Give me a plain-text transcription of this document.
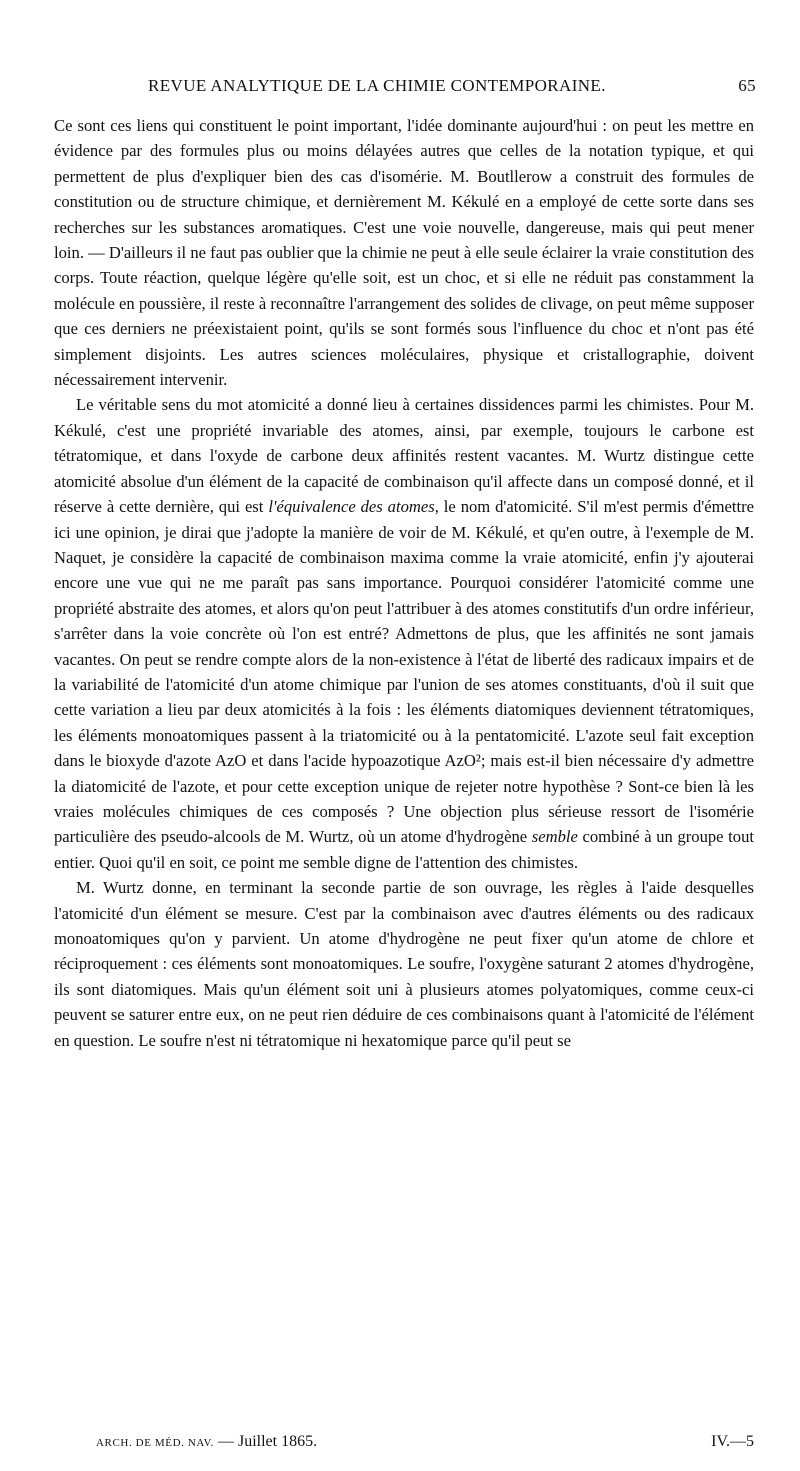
REVUE ANALYTIQUE DE LA CHIMIE CONTEMPORAINE.	65

Ce sont ces liens qui constituent le point important, l'idée dominante aujourd'hui : on peut les mettre en évidence par des formules plus ou moins délayées autres que celles de la notation typique, et qui permettent de plus d'expliquer bien des cas d'isomérie. M. Boutllerow a construit des formules de constitution ou de structure chimique, et dernièrement M. Kékulé en a employé de cette sorte dans ses recherches sur les substances aromatiques. C'est une voie nouvelle, dangereuse, mais qui peut mener loin. — D'ailleurs il ne faut pas oublier que la chimie ne peut à elle seule éclairer la vraie constitution des corps. Toute réaction, quelque légère qu'elle soit, est un choc, et si elle ne réduit pas constamment la molécule en poussière, il reste à reconnaître l'arrangement des solides de clivage, on peut même supposer que ces derniers ne préexistaient point, qu'ils se sont formés sous l'influence du choc et n'ont pas été simplement disjoints. Les autres sciences moléculaires, physique et cristallographie, doivent nécessairement intervenir.

Le véritable sens du mot atomicité a donné lieu à certaines dissidences parmi les chimistes. Pour M. Kékulé, c'est une propriété invariable des atomes, ainsi, par exemple, toujours le carbone est tétratomique, et dans l'oxyde de carbone deux affinités restent vacantes. M. Wurtz distingue cette atomicité absolue d'un élément de la capacité de combinaison qu'il affecte dans un composé donné, et il réserve à cette dernière, qui est l'équivalence des atomes, le nom d'atomicité. S'il m'est permis d'émettre ici une opinion, je dirai que j'adopte la manière de voir de M. Kékulé, et qu'en outre, à l'exemple de M. Naquet, je considère la capacité de combinaison maxima comme la vraie atomicité, enfin j'y ajouterai encore une vue qui ne me paraît pas sans importance. Pourquoi considérer l'atomicité comme une propriété abstraite des atomes, et alors qu'on peut l'attribuer à des atomes constitutifs d'un ordre inférieur, s'arrêter dans la voie concrète où l'on est entré? Admettons de plus, que les affinités ne sont jamais vacantes. On peut se rendre compte alors de la non-existence à l'état de liberté des radicaux impairs et de la variabilité de l'atomicité d'un atome chimique par l'union de ses atomes constituants, d'où il suit que cette variation a lieu par deux atomicités à la fois : les éléments diatomiques deviennent tétratomiques, les éléments monoatomiques passent à la triatomicité ou à la pentatomicité. L'azote seul fait exception dans le bioxyde d'azote AzO et dans l'acide hypoazotique AzO²; mais est-il bien nécessaire d'y admettre la diatomicité de l'azote, et pour cette exception unique de rejeter notre hypothèse ? Sont-ce bien là les vraies molécules chimiques de ces composés ? Une objection plus sérieuse ressort de l'isomérie particulière des pseudo-alcools de M. Wurtz, où un atome d'hydrogène semble combiné à un groupe tout entier. Quoi qu'il en soit, ce point me semble digne de l'attention des chimistes.

M. Wurtz donne, en terminant la seconde partie de son ouvrage, les règles à l'aide desquelles l'atomicité d'un élément se mesure. C'est par la combinaison avec d'autres éléments ou des radicaux monoatomiques qu'on y parvient. Un atome d'hydrogène ne peut fixer qu'un atome de chlore et réciproquement : ces éléments sont monoatomiques. Le soufre, l'oxygène saturant 2 atomes d'hydrogène, ils sont diatomiques. Mais qu'un élément soit uni à plusieurs atomes polyatomiques, comme ceux-ci peuvent se saturer entre eux, on ne peut rien déduire de ces combinaisons quant à l'atomicité de l'élément en question. Le soufre n'est ni tétratomique ni hexatomique parce qu'il peut se

ARCH. DE MÉD. NAV. — Juillet 1865.	IV.—5
